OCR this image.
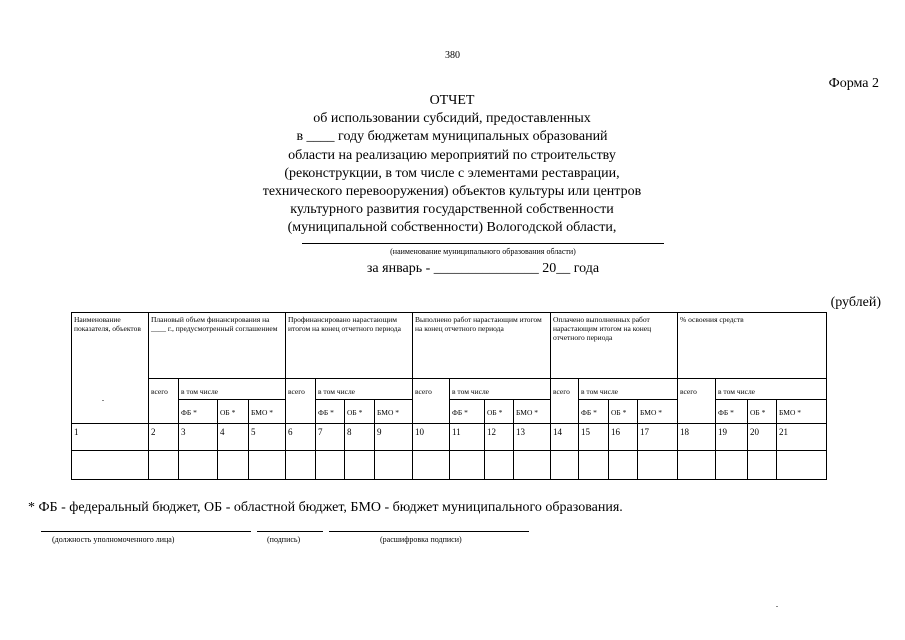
380
Форма 2
ОТЧЕТ
об использовании субсидий, предоставленных
в ____ году бюджетам муниципальных образований
области на реализацию мероприятий по строительству
(реконструкции, в том числе с элементами реставрации,
технического перевооружения) объектов культуры или центров
культурного развития государственной собственности
(муниципальной собственности) Вологодской области,
(наименование муниципального образования области)
за январь - _______________ 20__ года
(рублей)
Наименование показателя, объектов	Плановый объем финансирования на ____ г., предусмотренный соглашением				Профинансировано нарастающим итогом на конец отчетного периода				Выполнено работ нарастающим итогом на конец отчетного периода				Оплачено выполненных работ нарастающим итогом на конец отчетного периода				% освоения средств			
	всего	в том числе			всего	в том числе			всего	в том числе			всего	в том числе			всего	в том числе		
		ФБ *	ОБ *	БМО *		ФБ *	ОБ *	БМО *		ФБ *	ОБ *	БМО *		ФБ *	ОБ *	БМО *		ФБ *	ОБ *	БМО *
1	2	3	4	5	6	7	8	9	10	11	12	13	14	15	16	17	18	19	20	21

* ФБ - федеральный бюджет, ОБ - областной бюджет, БМО - бюджет муниципального образования.
(должность уполномоченного лица)	(подпись)	(расшифровка подписи)
